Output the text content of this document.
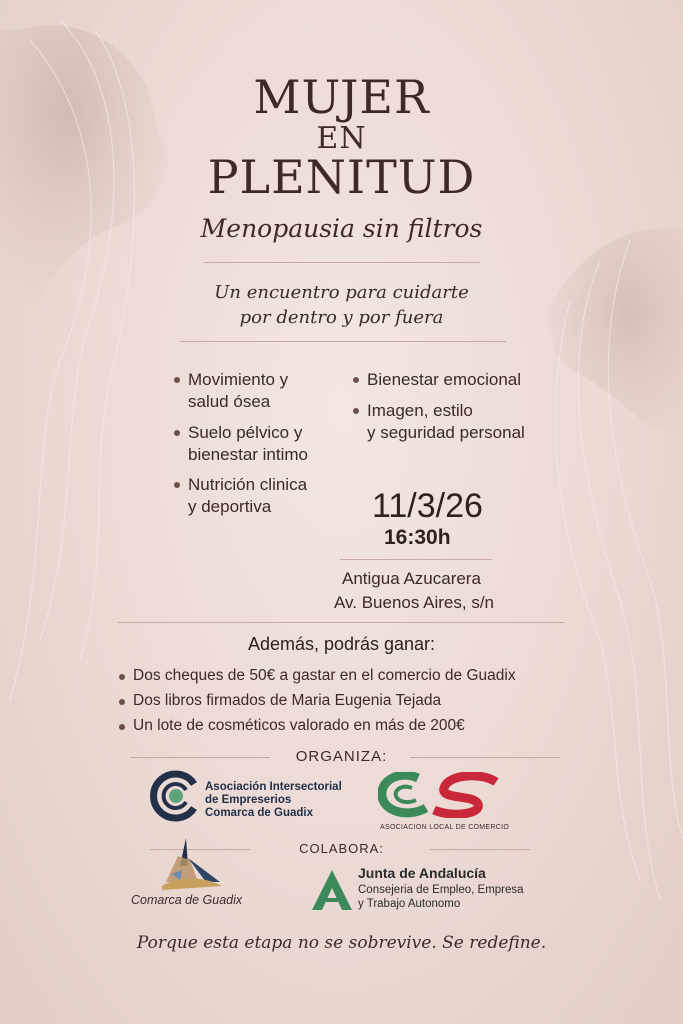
MUJER
EN
PLENITUD
Menopausia sin filtros
Un encuentro para cuidarte
por dentro y por fuera
Movimiento y
salud ósea
Suelo pélvico y
bienestar intimo
Nutrición clinica
y deportiva
Bienestar emocional
Imagen, estilo
y seguridad personal
11/3/26
16:30h
Antigua Azucarera
Av. Buenos Aires, s/n
Además, podrás ganar:
Dos cheques de 50€ a gastar en el comercio de Guadix
Dos libros firmados de Maria Eugenia Tejada
Un lote de cosméticos valorado en más de 200€
ORGANIZA:
Asociación Intersectorial
de Empreserios
Comarca de Guadix
ASOCIACION LOCAL DE COMERCIO
COLABORA:
Comarca de Guadix
Junta de Andalucía
Consejeria de Empleo, Empresa
y Trabajo Autonomo
Porque esta etapa no se sobrevive. Se redefine.
